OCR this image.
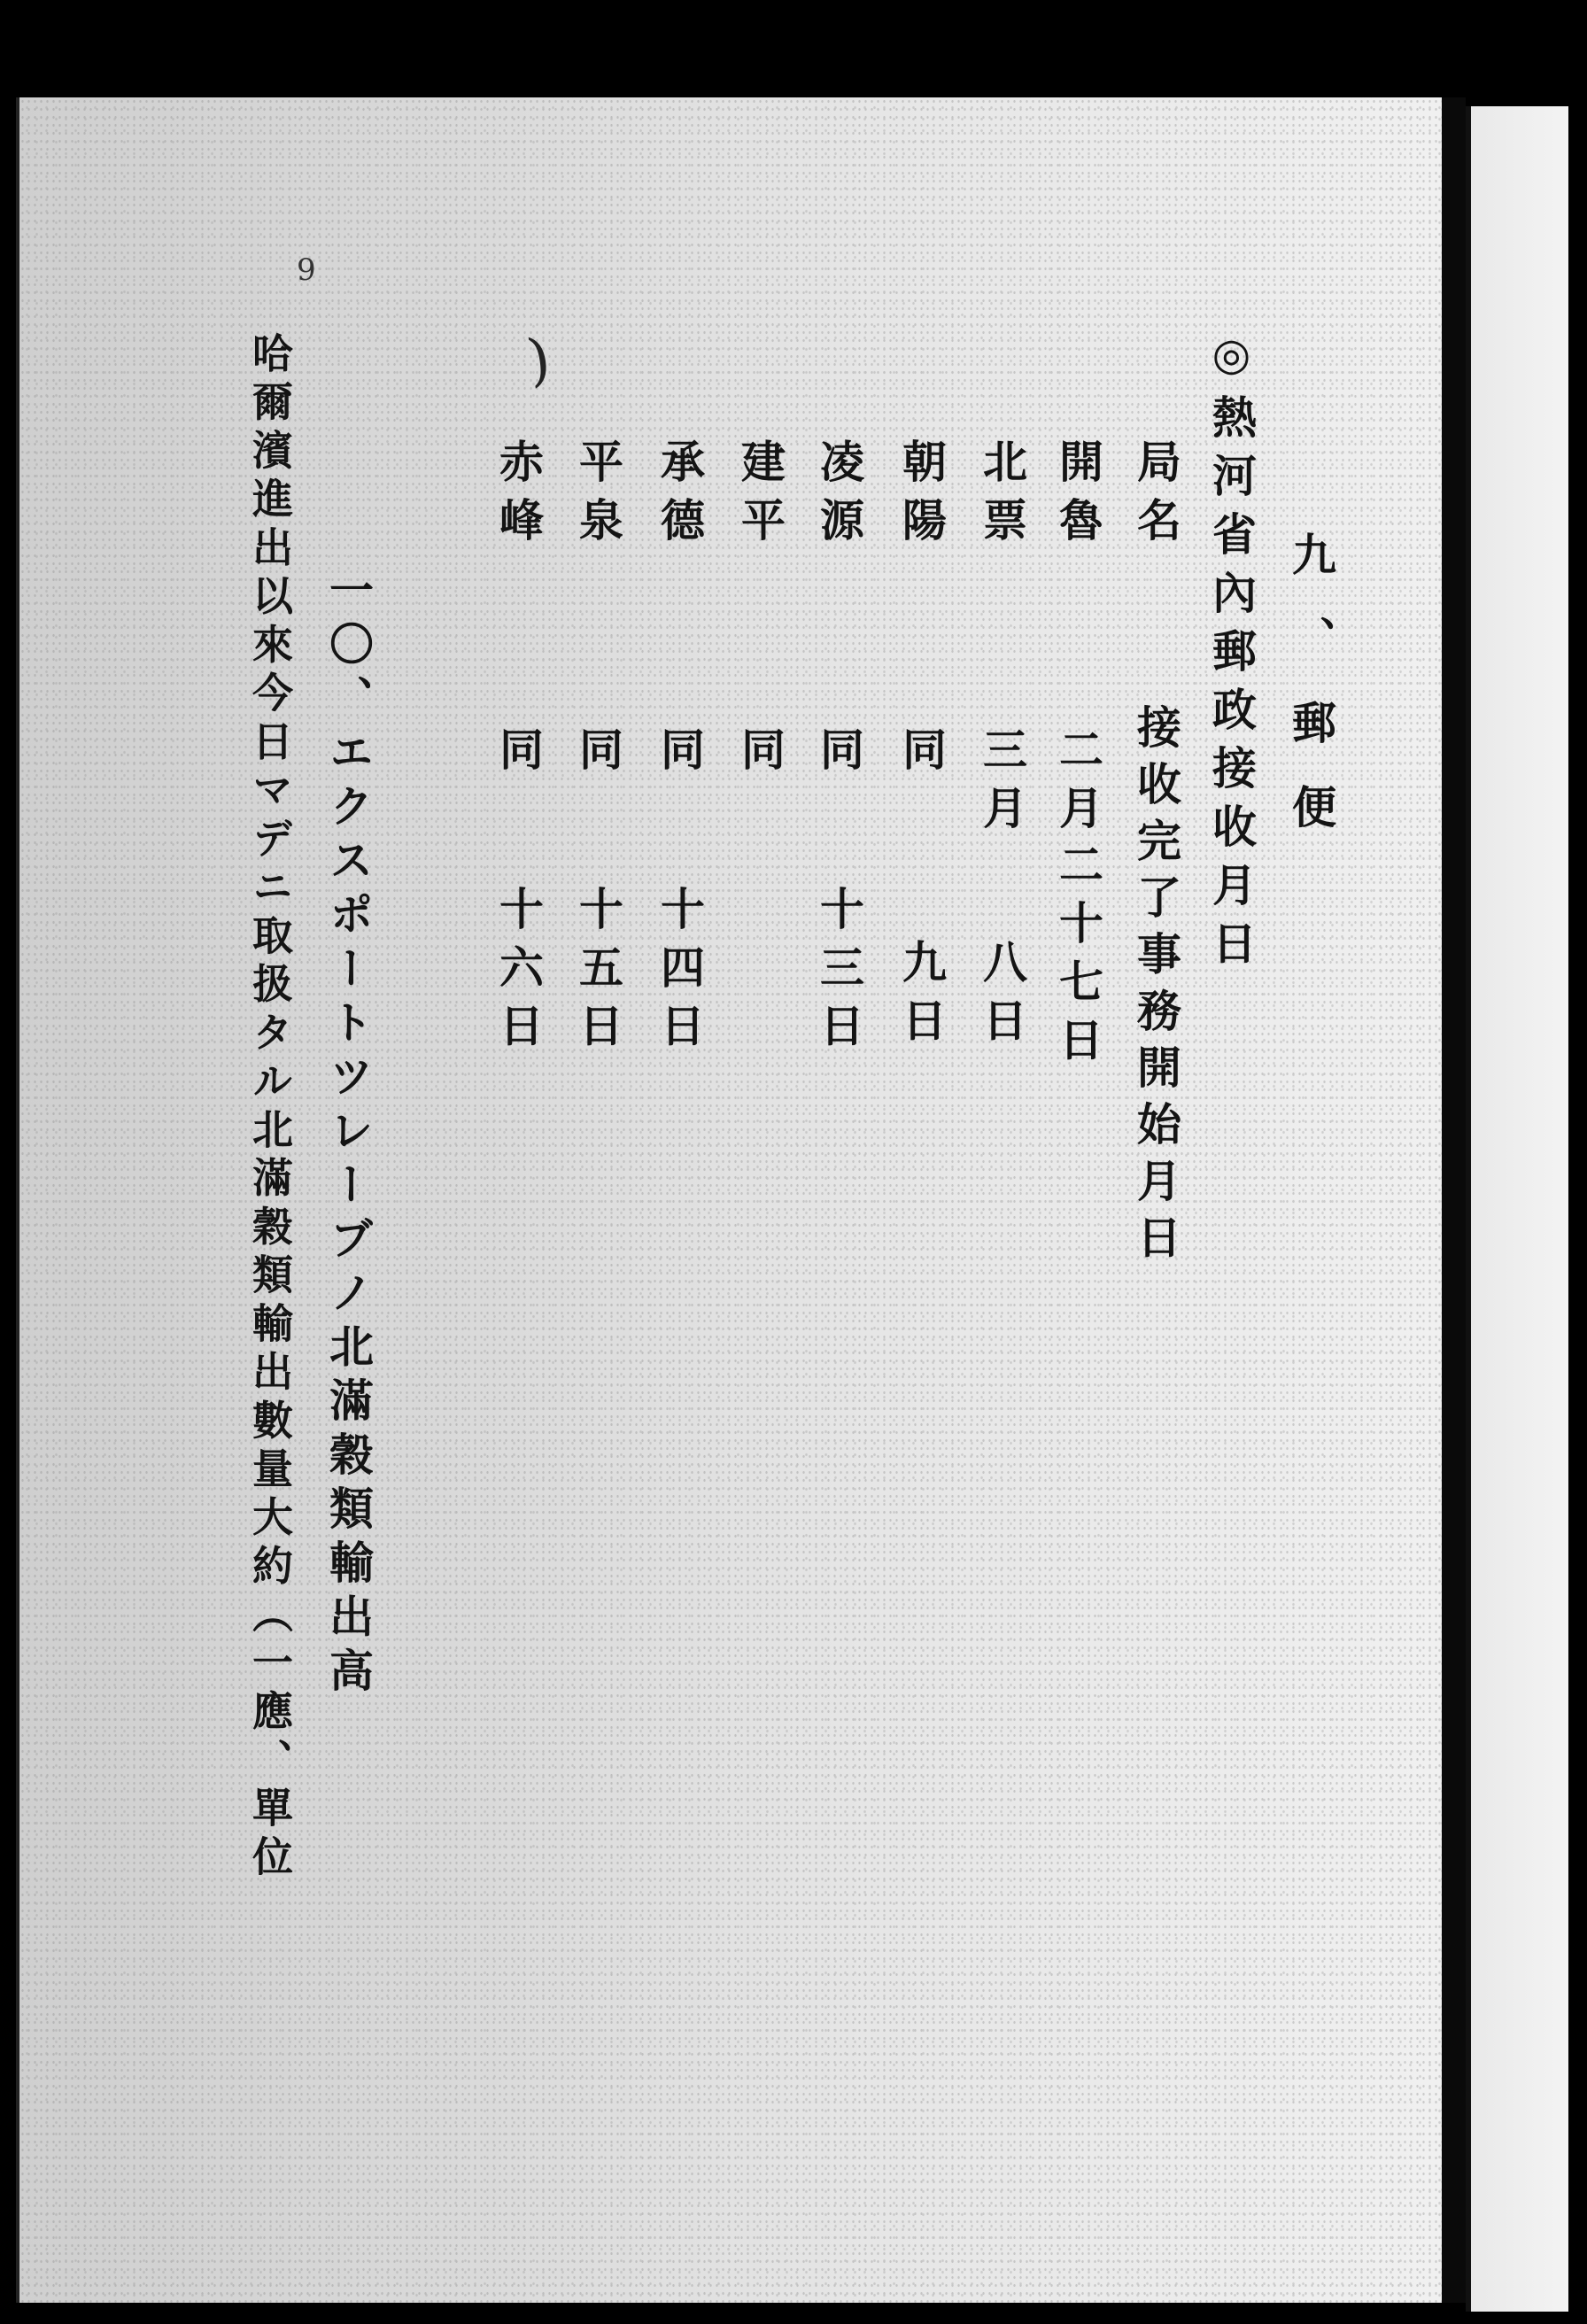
9
九、郵便
◎熱河省內郵政接收月日
局名
接收完了事務開始月日
開魯
二月
二十七日
北票
三月
八日
朝陽
同
九日
凌源
同
十三日
建平
同
承德
同
十四日
平泉
同
十五日
赤峰
同
十六日
)
一〇、エクスポートツレーブノ北滿穀類輸出高
哈爾濱進出以來今日マデニ取扱タル北滿穀類輸出數量大約（一應、單位
